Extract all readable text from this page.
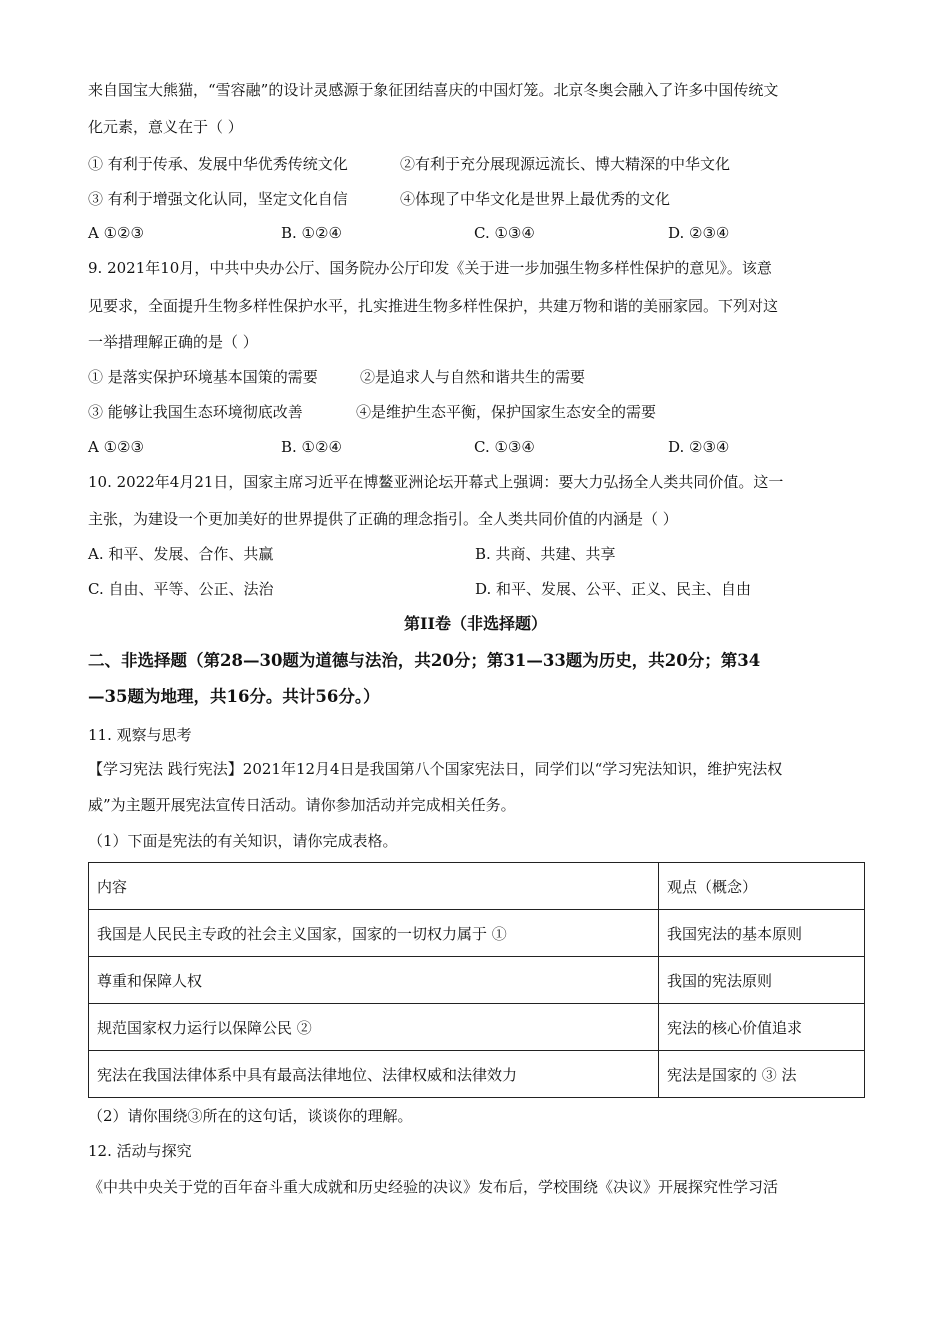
来自国宝大熊猫，“雪容融”的设计灵感源于象征团结喜庆的中国灯笼。北京冬奥会融入了许多中国传统文
化元素，意义在于（ ）
① 有利于传承、发展中华优秀传统文化	②有利于充分展现源远流长、博大精深的中华文化
③ 有利于增强文化认同，坚定文化自信	④体现了中华文化是世界上最优秀的文化
A ①②③	B. ①②④	C. ①③④	D. ②③④
9. 2021年10月，中共中央办公厅、国务院办公厅印发《关于进一步加强生物多样性保护的意见》。该意
见要求，全面提升生物多样性保护水平，扎实推进生物多样性保护，共建万物和谐的美丽家园。下列对这
一举措理解正确的是（ ）
① 是落实保护环境基本国策的需要	②是追求人与自然和谐共生的需要
③ 能够让我国生态环境彻底改善	④是维护生态平衡，保护国家生态安全的需要
A ①②③	B. ①②④	C. ①③④	D. ②③④
10. 2022年4月21日，国家主席习近平在博鳌亚洲论坛开幕式上强调：要大力弘扬全人类共同价值。这一
主张，为建设一个更加美好的世界提供了正确的理念指引。全人类共同价值的内涵是（ ）
A. 和平、发展、合作、共赢	B. 共商、共建、共享
C. 自由、平等、公正、法治	D. 和平、发展、公平、正义、民主、自由
第II卷（非选择题）
二、非选择题（第28—30题为道德与法治，共20分；第31—33题为历史，共20分；第34
—35题为地理，共16分。共计56分。）
11. 观察与思考
【学习宪法 践行宪法】2021年12月4日是我国第八个国家宪法日，同学们以“学习宪法知识，维护宪法权
威”为主题开展宪法宣传日活动。请你参加活动并完成相关任务。
（1）下面是宪法的有关知识，请你完成表格。
内容	观点（概念）
我国是人民民主专政的社会主义国家，国家的一切权力属于 ①	我国宪法的基本原则
尊重和保障人权	我国的宪法原则
规范国家权力运行以保障公民 ②	宪法的核心价值追求
宪法在我国法律体系中具有最高法律地位、法律权威和法律效力	宪法是国家的 ③ 法
（2）请你围绕③所在的这句话，谈谈你的理解。
12. 活动与探究
《中共中央关于党的百年奋斗重大成就和历史经验的决议》发布后，学校围绕《决议》开展探究性学习活
